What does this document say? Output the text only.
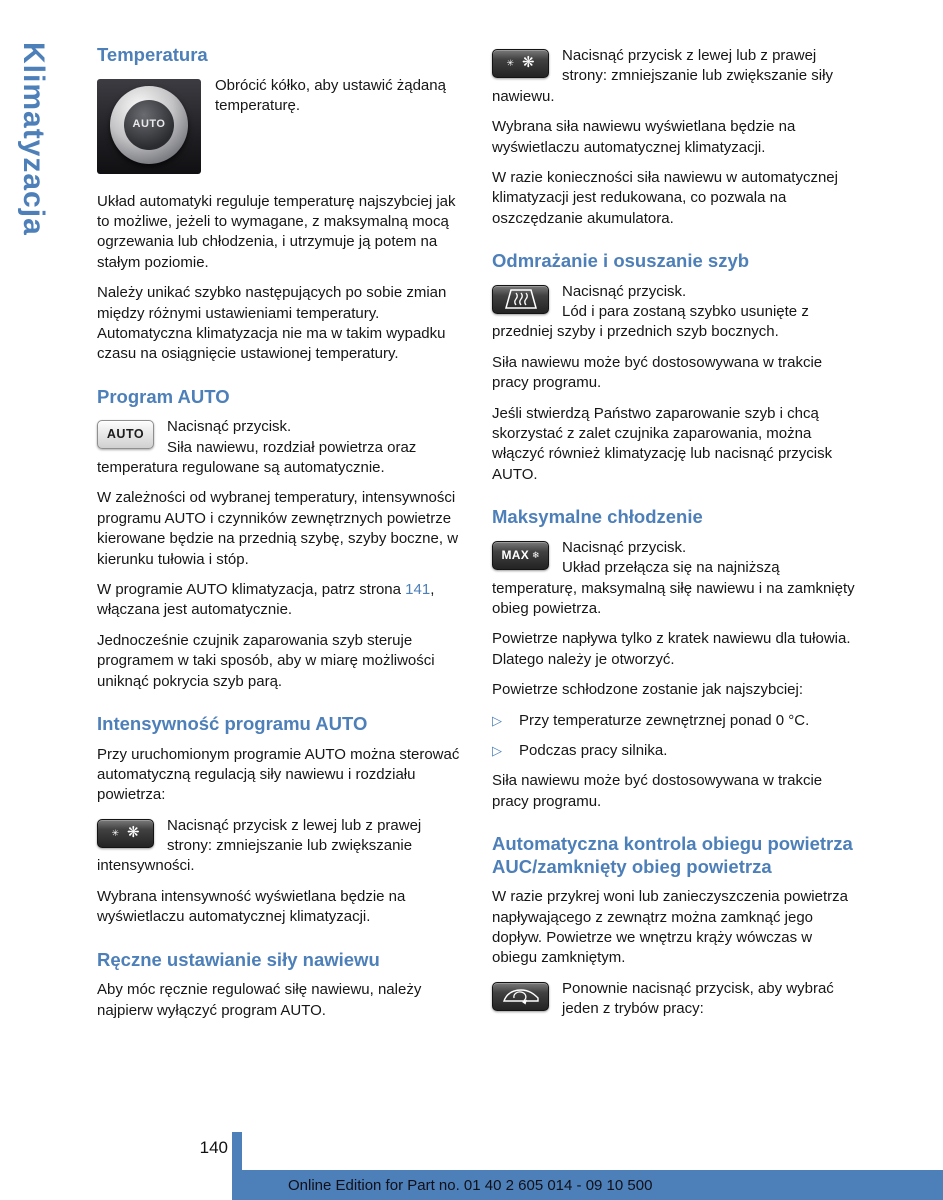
Klimatyzacja	Temperatura
AUTO
Obrócić kółko, aby ustawić żądaną temperaturę.

Układ automatyki reguluje temperaturę najszybciej jak to możliwe, jeżeli to wymagane, z maksymalną mocą ogrzewania lub chłodzenia, i utrzymuje ją potem na stałym poziomie.

Należy unikać szybko następujących po sobie zmian między różnymi ustawieniami temperatury. Automatyczna klimatyzacja nie ma w takim wypadku czasu na osiągnięcie ustawionej temperatury.

Program AUTO
AUTO	Nacisnąć przycisk.
Siła nawiewu, rozdział powietrza oraz temperatura regulowane są automatycznie.

W zależności od wybranej temperatury, intensywności programu AUTO i czynników zewnętrznych powietrze kierowane będzie na przednią szybę, szyby boczne, w kierunku tułowia i stóp.

W programie AUTO klimatyzacja, patrz strona 141, włączana jest automatycznie.

Jednocześnie czujnik zaparowania szyb steruje programem w taki sposób, aby w miarę możliwości uniknąć pokrycia szyb parą.

Intensywność programu AUTO

Przy uruchomionym programie AUTO można sterować automatyczną regulacją siły nawiewu i rozdziału powietrza:

✳ ❋ Nacisnąć przycisk z lewej lub z prawej strony: zmniejszanie lub zwiększanie intensywności.

Wybrana intensywność wyświetlana będzie na wyświetlaczu automatycznej klimatyzacji.

Ręczne ustawianie siły nawiewu

Aby móc ręcznie regulować siłę nawiewu, należy najpierw wyłączyć program AUTO.

✳ ❋ Nacisnąć przycisk z lewej lub z prawej strony: zmniejszanie lub zwiększanie siły nawiewu.

Wybrana siła nawiewu wyświetlana będzie na wyświetlaczu automatycznej klimatyzacji.

W razie konieczności siła nawiewu w automatycznej klimatyzacji jest redukowana, co pozwala na oszczędzanie akumulatora.

Odmrażanie i osuszanie szyb
Nacisnąć przycisk.
Lód i para zostaną szybko usunięte z przedniej szyby i przednich szyb bocznych.

Siła nawiewu może być dostosowywana w trakcie pracy programu.

Jeśli stwierdzą Państwo zaparowanie szyb i chcą skorzystać z zalet czujnika zaparowania, można włączyć również klimatyzację lub nacisnąć przycisk AUTO.

Maksymalne chłodzenie
MAX ❄	Nacisnąć przycisk.
Układ przełącza się na najniższą temperaturę, maksymalną siłę nawiewu i na zamknięty obieg powietrza.

Powietrze napływa tylko z kratek nawiewu dla tułowia. Dlatego należy je otworzyć.

Powietrze schłodzone zostanie jak najszybciej:

▷	Przy temperaturze zewnętrznej ponad 0 °C.
▷	Podczas pracy silnika.

Siła nawiewu może być dostosowywana w trakcie pracy programu.

Automatyczna kontrola obiegu powietrza AUC/zamknięty obieg powietrza

W razie przykrej woni lub zanieczyszczenia powietrza napływającego z zewnątrz można zamknąć jego dopływ. Powietrze we wnętrzu krąży wówczas w obiegu zamkniętym.

Ponownie nacisnąć przycisk, aby wybrać jeden z trybów pracy:
140
Online Edition for Part no. 01 40 2 605 014 - 09 10 500
